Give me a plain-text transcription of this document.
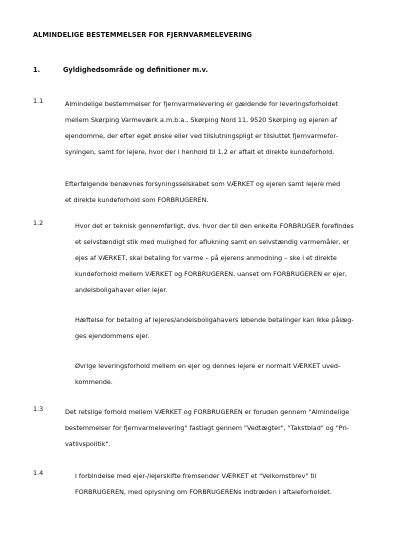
ALMINDELIGE BESTEMMELSER FOR FJERNVARMELEVERING
1.	Gyldighedsområde og definitioner m.v.
1.1	Almindelige bestemmelser for fjernvarmelevering er gældende for leveringsforholdet
mellem Skørping Varmeværk a.m.b.a., Skørping Nord 11, 9520 Skørping og ejeren af
ejendomme, der efter eget ønske eller ved tilslutningspligt er tilsluttet fjernvarmefor-
syningen, samt for lejere, hvor der i henhold til 1.2 er aftalt et direkte kundeforhold.
Efterfølgende benævnes forsyningsselskabet som VÆRKET og ejeren samt lejere med
et direkte kundeforhold som FORBRUGEREN.
1.2	Hvor det er teknisk gennemførligt, dvs. hvor der til den enkelte FORBRUGER forefindes
et selvstændigt stik med mulighed for aflukning samt en selvstændig varmemåler, er
ejes af VÆRKET, skal betaling for varme – på ejerens anmodning – ske i et direkte
kundeforhold mellem VÆRKET og FORBRUGEREN, uanset om FORBRUGEREN er ejer,
andelsboligahaver eller lejer.
Hæftelse for betaling af lejeres/andelsboligahavers løbende betalinger kan ikke pålæg-
ges ejendommens ejer.
Øvrige leveringsforhold mellem en ejer og dennes lejere er normalt VÆRKET uved-
kommende.
1.3	Det retslige forhold mellem VÆRKET og FORBRUGEREN er foruden gennem "Almindelige
bestemmelser for fjernvarmelevering" fastlagt gennem "Vedtægter", "Takstblad" og "Pri-
vatlivspolitik".
1.4	I forbindelse med ejer-/lejerskifte fremsender VÆRKET et "Velkomstbrev" til
FORBRUGEREN, med oplysning om FORBRUGERENs indtræden i aftaleforholdet.
